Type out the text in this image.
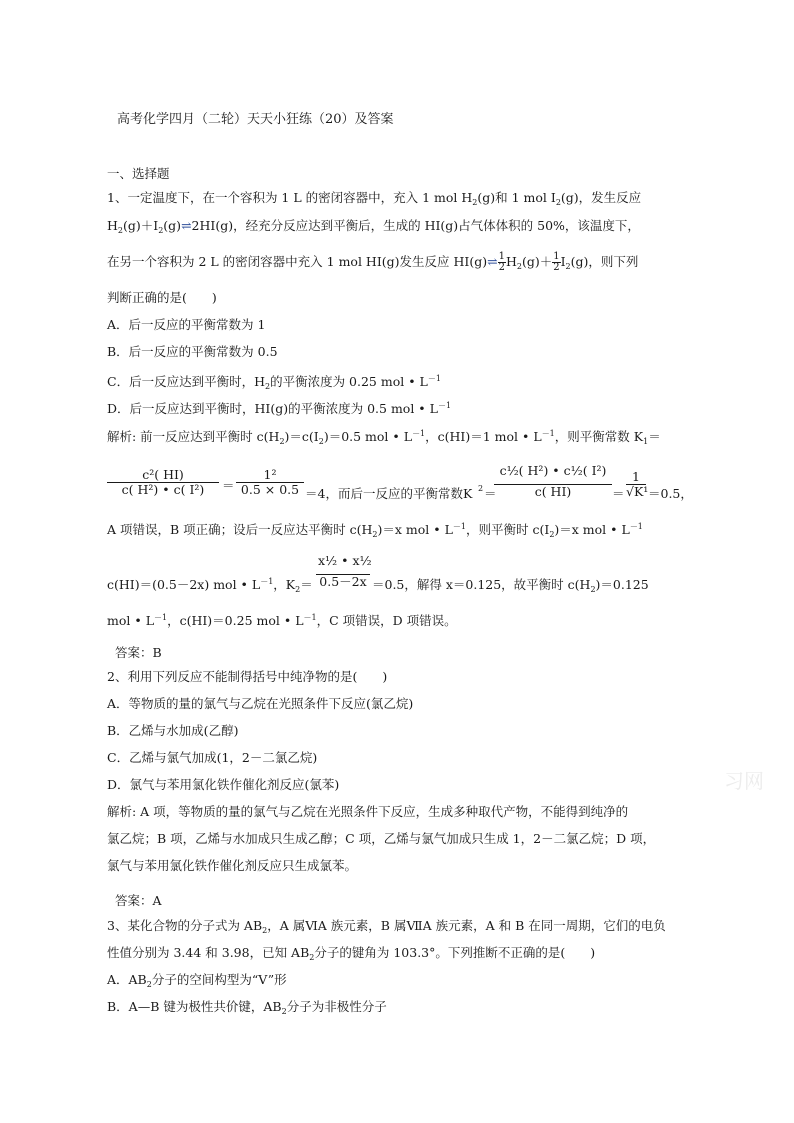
高考化学四月（二轮）天天小狂练（20）及答案
一、选择题
1、一定温度下，在一个容积为 1 L 的密闭容器中，充入 1 mol $H_2(g)$和 1 mol $I_2(g)$，发生反应
$H_2(g)+I_2(g)\rightleftharpoons 2HI(g)$，经充分反应达到平衡后，生成的 HI(g)占气体体积的 50%，该温度下，
在另一个容积为 2 L 的密闭容器中充入 1 mol HI(g)发生反应 HI(g)⇌ $\frac{1}{2} H_2(g)+ \frac{1}{2} I_2(g)$，则下列
判断正确的是(　　)
A．后一反应的平衡常数为 1
B．后一反应的平衡常数为 0.5
C．后一反应达到平衡时，$H_2$的平衡浓度为 0.25 mol • $L^{-1}$
D．后一反应达到平衡时，HI(g)的平衡浓度为 0.5 mol • $L^{-1}$
解析: 前一反应达到平衡时 $c(H_2)=c(I_2)=0.5$ mol • $L^{-1}$，c(HI)＝1 mol • $L^{-1}$，则平衡常数 $K_1=$
$\frac{\text{c²( HI)}}{\text{c( H²) • c( I²)}} = \frac{\text{1²}}{0.5 \times 0.5} =4$，而后一反应的平衡常数K 2 ＝
$\frac{\text{c½( H²) • c½( I²)}}{c( HI)} = \frac{1}{\text{√K¹}} =0.5$，
A 项错误，B 项正确；设后一反应达平衡时 $c(H_2)=x$ mol • $L^{-1}$，则平衡时 $c(I_2)=x$ mol • $L^{-1}$
c(HI)＝(0.5－2x) mol • $L^{-1}$，$K_2= \frac{\text{x½ • x½}}{0.5-2x} =0.5$，解得 x＝0.125，故平衡时 $c(H_2)=0.125$
mol • $L^{-1}$，c(HI)＝0.25 mol • $L^{-1}$，C 项错误，D 项错误。
答案：B
2、利用下列反应不能制得括号中纯净物的是(　　)
A．等物质的量的氯气与乙烷在光照条件下反应(氯乙烷)
B．乙烯与水加成(乙醇)
C．乙烯与氯气加成(1，2－二氯乙烷)
D．氯气与苯用氯化铁作催化剂反应(氯苯)
解析: A 项，等物质的量的氯气与乙烷在光照条件下反应，生成多种取代产物，不能得到纯净的
氯乙烷；B 项，乙烯与水加成只生成乙醇；C 项，乙烯与氯气加成只生成 1，2－二氯乙烷；D 项，
氯气与苯用氯化铁作催化剂反应只生成氯苯。
答案：A
3、某化合物的分子式为 $AB_2$，A 属ⅥA 族元素，B 属ⅦA 族元素，A 和 B 在同一周期，它们的电负
性值分别为 3.44 和 3.98，已知 $AB_2$分子的键角为 103.3°。下列推断不正确的是(　　)
A．$AB_2$分子的空间构型为“V”形
B．A—B 键为极性共价键，$AB_2$分子为非极性分子
习网
